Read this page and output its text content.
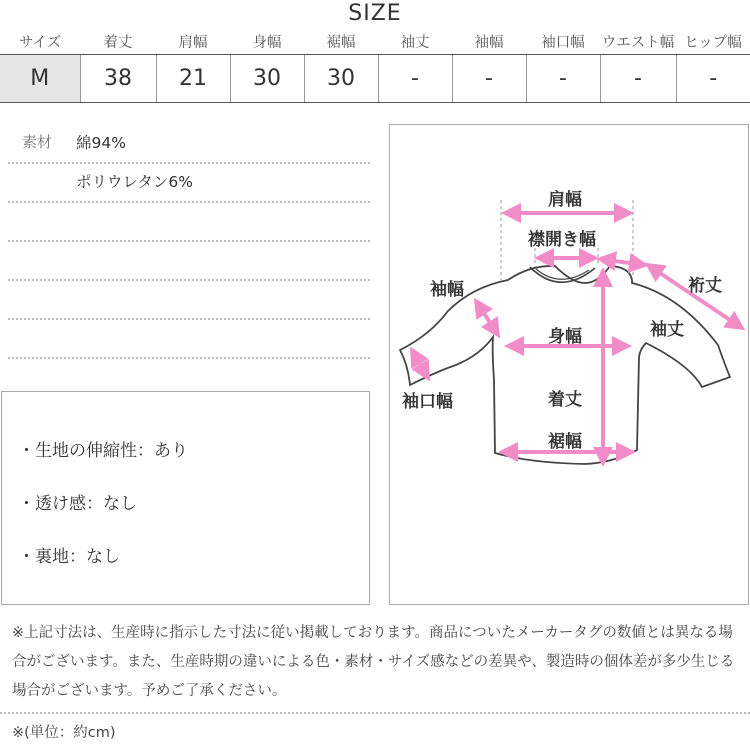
SIZE
サイズ	着丈	肩幅	身幅	裾幅	袖丈	袖幅	袖口幅	ウエスト幅	ヒップ幅
M	38	21	30	30	-	-	-	-	-
素材 綿94%
ポリウレタン6%
・生地の伸縮性：あり
・透け感：なし
・裏地：なし
肩幅
襟開き幅
裄丈
袖幅
袖丈
身幅
袖口幅	着丈
裾幅
※上記寸法は、生産時に指示した寸法に従い掲載しております。商品についたメーカータグの数値とは異なる場合がございます。また、生産時期の違いによる色・素材・サイズ感などの差異や、製造時の個体差が多少生じる場合がございます。予めご了承ください。
※(単位：約cm)
